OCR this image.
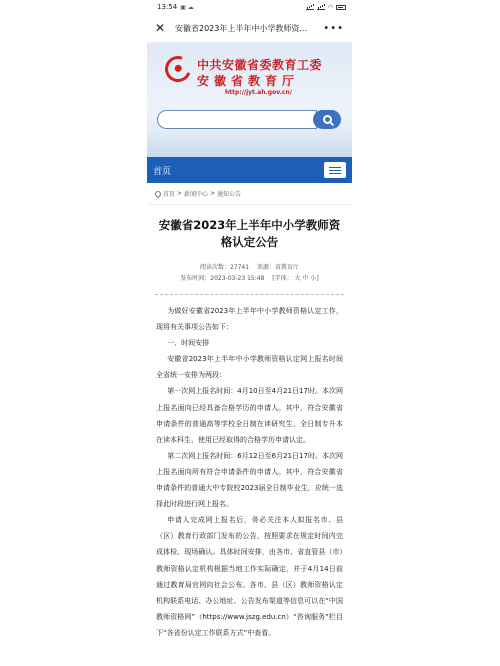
13:54 ▣ ☁	◠
✕	安徽省2023年上半年中小学教师资...	•••
中共安徽省委教育工委
安徽省教育厅
http://jyt.ah.gov.cn/
首页
首页 > 新闻中心 > 通知公告
安徽省2023年上半年中小学教师资格认定公告
阅读次数：27741 来源：省教育厅
发布时间：2023-03-23 15:48 [字体： 大 中 小]

为做好安徽省2023年上半年中小学教师资格认定工作，现将有关事项公告如下：

一、时间安排

安徽省2023年上半年中小学教师资格认定网上报名时间全省统一安排为两段：

第一次网上报名时间：4月10日至4月21日17时。本次网上报名面向已经具备合格学历的申请人。其中，符合安徽省申请条件的普通高等学校全日制在读研究生、全日制专升本在读本科生、使用已经取得的合格学历申请认定。

第二次网上报名时间：6月12日至6月21日17时。本次网上报名面向所有符合申请条件的申请人。其中，符合安徽省申请条件的普通大中专院校2023届全日制毕业生，应统一选择此时段进行网上报名。

申请人完成网上报名后，务必关注本人拟报名市、县（区）教育行政部门发布的公告，按照要求在规定时间内完成体检、现场确认。具体时间安排，由各市、省直管县（市）教师资格认定机构根据当地工作实际确定，并于4月14日前通过教育局官网向社会公布。各市、县（区）教师资格认定机构联系电话、办公地址、公告发布渠道等信息可以在“中国教师资格网”（https://www.jszg.edu.cn）“咨询服务”栏目下“各省份认定工作联系方式”中查看。
